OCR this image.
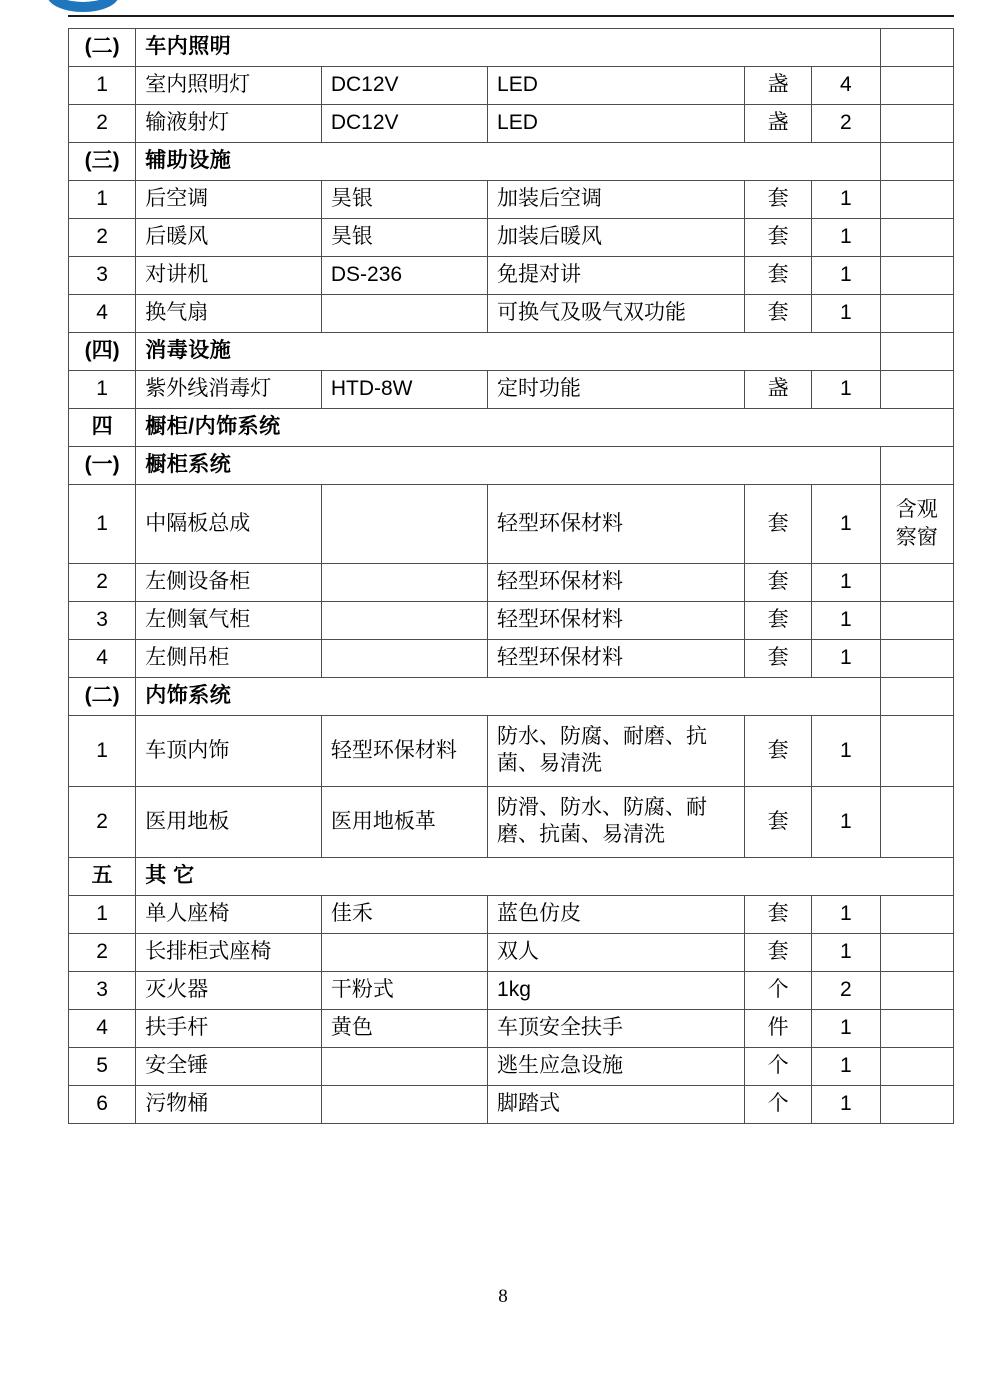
(二)	车内照明					
1	室内照明灯	DC12V	LED	盏	4	
2	输液射灯	DC12V	LED	盏	2	
(三)	辅助设施					
1	后空调	昊银	加装后空调	套	1	
2	后暖风	昊银	加装后暖风	套	1	
3	对讲机	DS-236	免提对讲	套	1	
4	换气扇		可换气及吸气双功能	套	1	
(四)	消毒设施					
1	紫外线消毒灯	HTD-8W	定时功能	盏	1	
四	橱柜/内饰系统					
(一)	橱柜系统					
1	中隔板总成		轻型环保材料	套	1	含观
察窗

2	左侧设备柜		轻型环保材料	套	1	
3	左侧氧气柜		轻型环保材料	套	1	
4	左侧吊柜		轻型环保材料	套	1	
(二)	内饰系统					
1	车顶内饰	轻型环保材料	防水、防腐、耐磨、抗
菌、易清洗	套	1	
2	医用地板	医用地板革	防滑、防水、防腐、耐
磨、抗菌、易清洗	套	1	
五	其 它					
1	单人座椅	佳禾	蓝色仿皮	套	1	
2	长排柜式座椅		双人	套	1	
3	灭火器	干粉式	1kg	个	2	
4	扶手杆	黄色	车顶安全扶手	件	1	
5	安全锤		逃生应急设施	个	1	
6	污物桶		脚踏式	个	1	
8
